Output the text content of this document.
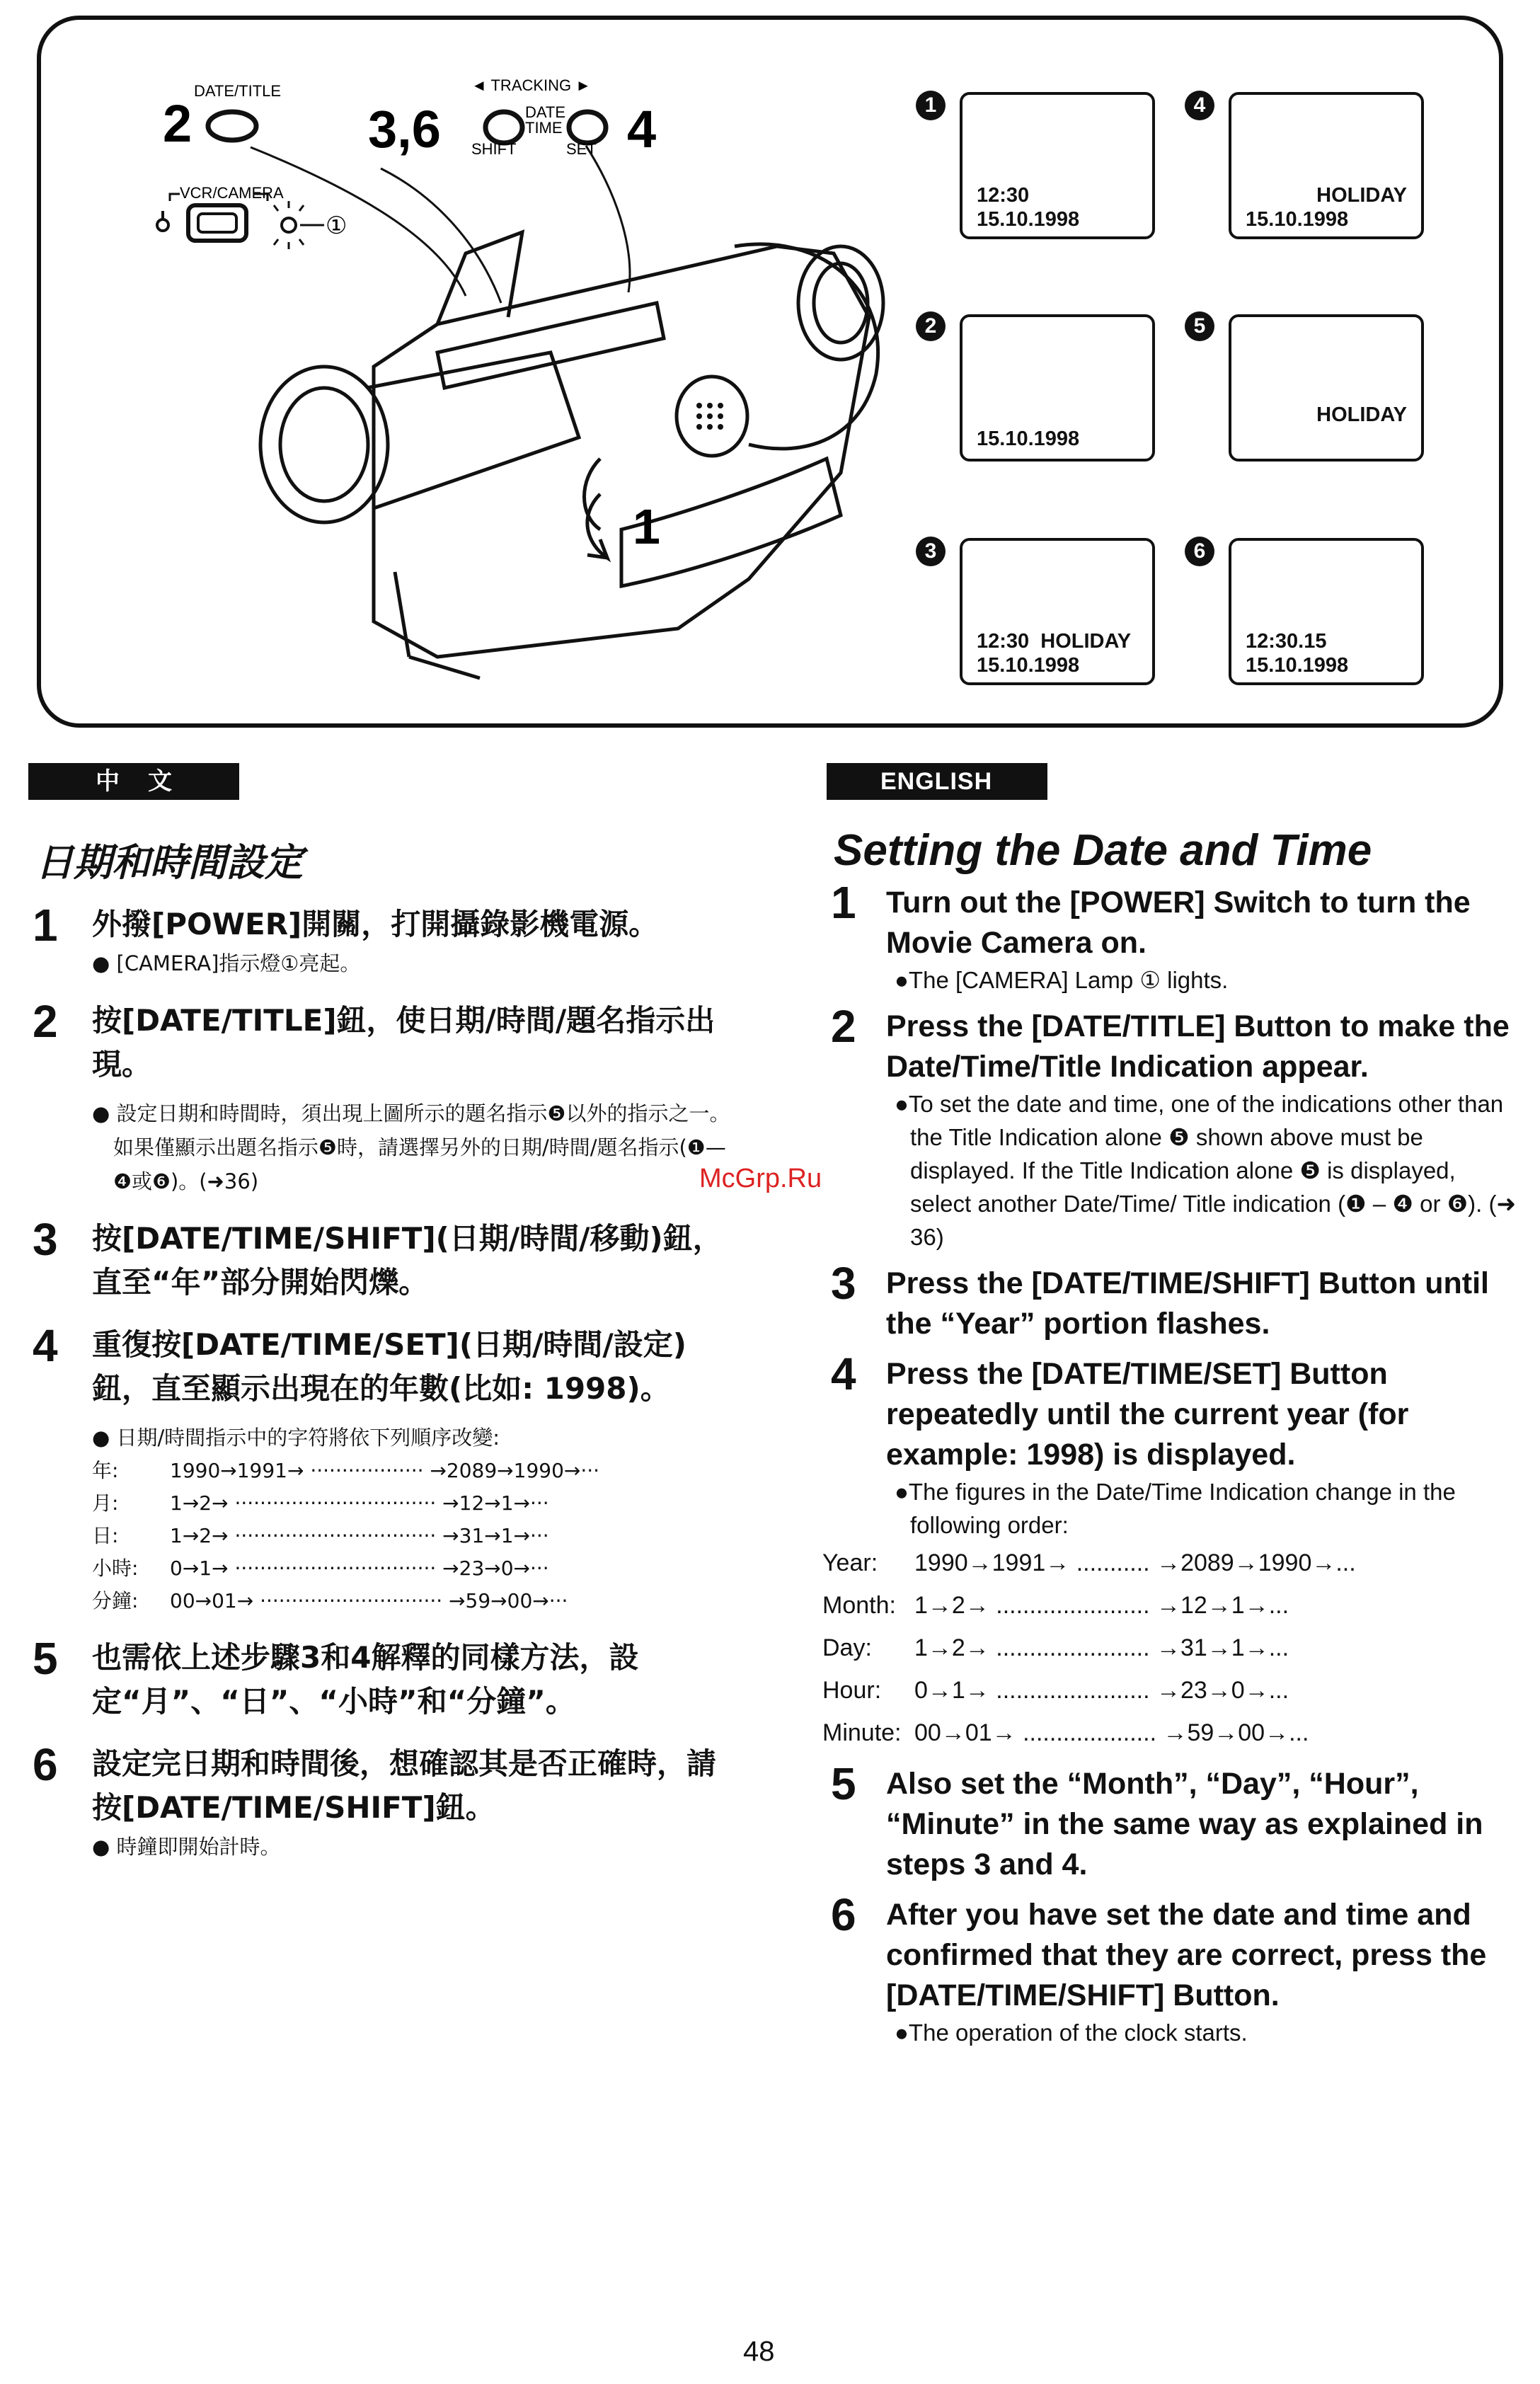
DATE/TITLE
2
◄ TRACKING ►
3,6	DATE
TIME
SHIFT	SET 4
VCR/CAMERA
①
1
1
12:30
15.10.1998
4
HOLIDAY
15.10.1998
2
15.10.1998
5
HOLIDAY
3
12:30  HOLIDAY
15.10.1998
6
12:30.15
15.10.1998
中文
日期和時間設定
1 外撥[POWER]開關，打開攝錄影機電源。
● [CAMERA]指示燈①亮起。
2 按[DATE/TITLE]鈕，使日期/時間/題名指示出現。
● 設定日期和時間時，須出現上圖所示的題名指示❺以外的指示之一。如果僅顯示出題名指示❺時，請選擇另外的日期/時間/題名指示(❶—❹或❻)。(➜36)
3 按[DATE/TIME/SHIFT](日期/時間/移動)鈕，直至“年”部分開始閃爍。
4 重復按[DATE/TIME/SET](日期/時間/設定)鈕，直至顯示出現在的年數(比如: 1998)。
● 日期/時間指示中的字符將依下列順序改變:
年:	1990→1991→ ·················· →2089→1990→···
月:	1→2→ ································ →12→1→···
日:	1→2→ ································ →31→1→···
小時:	0→1→ ································ →23→0→···
分鐘:	00→01→ ····························· →59→00→···
5 也需依上述步驟3和4解釋的同樣方法，設定“月”、“日”、“小時”和“分鐘”。
6 設定完日期和時間後，想確認其是否正確時，請按[DATE/TIME/SHIFT]鈕。
● 時鐘即開始計時。
ENGLISH
Setting the Date and Time
1 Turn out the [POWER] Switch to turn the Movie Camera on.
●The [CAMERA] Lamp ① lights.
2 Press the [DATE/TITLE] Button to make the Date/Time/Title Indication appear.
●To set the date and time, one of the indications other than the Title Indication alone ❺ shown above must be displayed. If the Title Indication alone ❺ is displayed, select another Date/Time/ Title indication (❶ – ❹ or ❻). (➜ 36)
3 Press the [DATE/TIME/SHIFT] Button until the “Year” portion flashes.
4 Press the [DATE/TIME/SET] Button repeatedly until the current year (for example: 1998) is displayed.
●The figures in the Date/Time Indication change in the following order:
Year:	1990→1991→ ........... →2089→1990→...
Month: 1→2→ ....................... →12→1→...
Day:	1→2→ ....................... →31→1→...
Hour:	0→1→ ....................... →23→0→...
Minute: 00→01→ .................... →59→00→...
5 Also set the “Month”, “Day”, “Hour”, “Minute” in the same way as explained in steps 3 and 4.
6 After you have set the date and time and confirmed that they are correct, press the [DATE/TIME/SHIFT] Button.
●The operation of the clock starts.
McGrp.Ru
48
